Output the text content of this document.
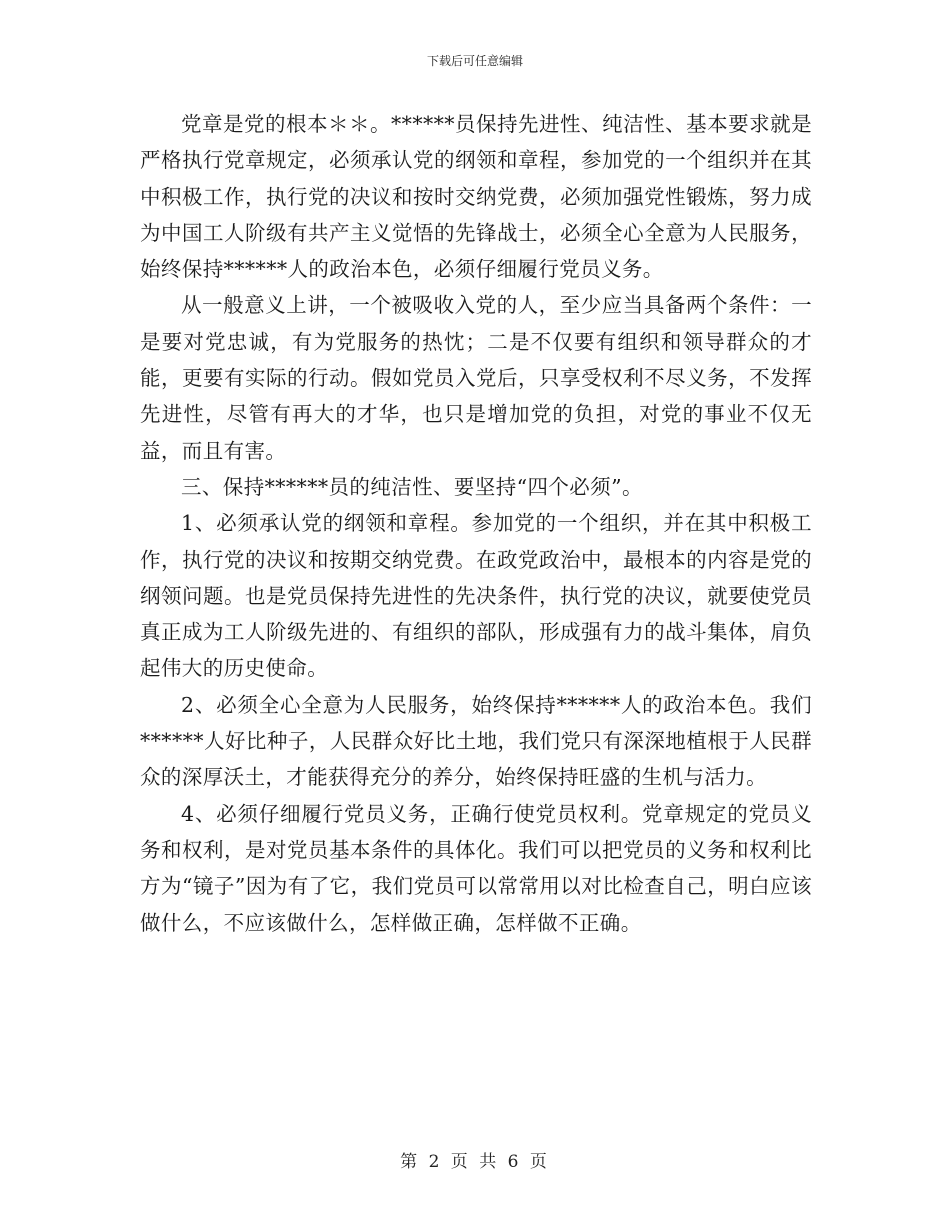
下载后可任意编辑

党章是党的根本＊＊。******员保持先进性、纯洁性、基本要求就是严格执行党章规定，必须承认党的纲领和章程，参加党的一个组织并在其中积极工作，执行党的决议和按时交纳党费，必须加强党性锻炼，努力成为中国工人阶级有共产主义觉悟的先锋战士，必须全心全意为人民服务，始终保持******人的政治本色，必须仔细履行党员义务。

从一般意义上讲，一个被吸收入党的人，至少应当具备两个条件：一是要对党忠诚，有为党服务的热忱；二是不仅要有组织和领导群众的才能，更要有实际的行动。假如党员入党后，只享受权利不尽义务，不发挥先进性，尽管有再大的才华，也只是增加党的负担，对党的事业不仅无益，而且有害。

三、保持******员的纯洁性、要坚持“四个必须”。

1、必须承认党的纲领和章程。参加党的一个组织，并在其中积极工作，执行党的决议和按期交纳党费。在政党政治中，最根本的内容是党的纲领问题。也是党员保持先进性的先决条件，执行党的决议，就要使党员真正成为工人阶级先进的、有组织的部队，形成强有力的战斗集体，肩负起伟大的历史使命。

2、必须全心全意为人民服务，始终保持******人的政治本色。我们******人好比种子，人民群众好比土地，我们党只有深深地植根于人民群众的深厚沃土，才能获得充分的养分，始终保持旺盛的生机与活力。

4、必须仔细履行党员义务，正确行使党员权利。党章规定的党员义务和权利，是对党员基本条件的具体化。我们可以把党员的义务和权利比方为“镜子”因为有了它，我们党员可以常常用以对比检查自己，明白应该做什么，不应该做什么，怎样做正确，怎样做不正确。

第 2 页 共 6 页
